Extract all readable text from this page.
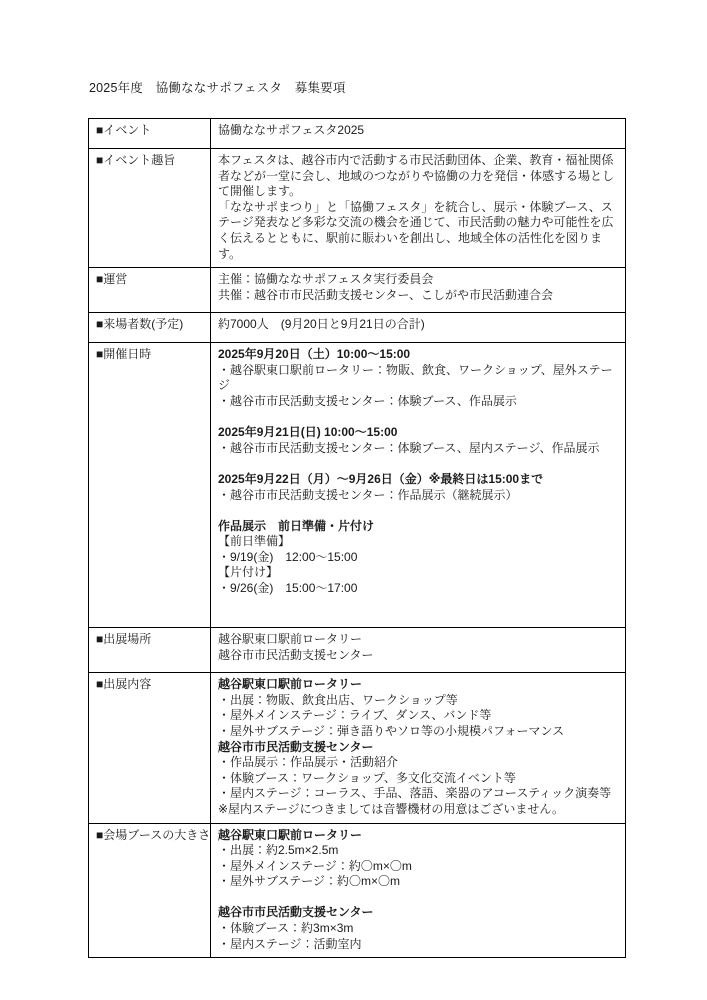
2025年度　協働ななサポフェスタ　募集要項
■イベント	協働ななサポフェスタ2025

■イベント趣旨	本フェスタは、越谷市内で活動する市民活動団体、企業、教育・福祉関係者などが一堂に会し、地域のつながりや協働の力を発信・体感する場として開催します。
「ななサポまつり」と「協働フェスタ」を統合し、展示・体験ブース、ステージ発表など多彩な交流の機会を通じて、市民活動の魅力や可能性を広く伝えるとともに、駅前に賑わいを創出し、地域全体の活性化を図ります。

■運営	主催：協働ななサポフェスタ実行委員会
共催：越谷市市民活動支援センター、こしがや市民活動連合会

■来場者数(予定)	約7000人　(9月20日と9月21日の合計)

■開催日時	2025年9月20日（土）10:00～15:00
・越谷駅東口駅前ロータリー：物販、飲食、ワークショップ、屋外ステージ
・越谷市市民活動支援センター：体験ブース、作品展示
2025年9月21日(日) 10:00～15:00
・越谷市市民活動支援センター：体験ブース、屋内ステージ、作品展示
2025年9月22日（月）～9月26日（金）※最終日は15:00まで
・越谷市市民活動支援センター：作品展示（継続展示）
作品展示　前日準備・片付け
【前日準備】
・9/19(金)　12:00～15:00
【片付け】
・9/26(金)　15:00～17:00

■出展場所	越谷駅東口駅前ロータリー
越谷市市民活動支援センター

■出展内容	越谷駅東口駅前ロータリー
・出展：物販、飲食出店、ワークショップ等
・屋外メインステージ：ライブ、ダンス、バンド等
・屋外サブステージ：弾き語りやソロ等の小規模パフォーマンス
越谷市市民活動支援センター
・作品展示：作品展示・活動紹介
・体験ブース：ワークショップ、多文化交流イベント等
・屋内ステージ：コーラス、手品、落語、楽器のアコースティック演奏等
※屋内ステージにつきましては音響機材の用意はございません。

■会場ブースの大きさ	越谷駅東口駅前ロータリー
・出展：約2.5m×2.5m
・屋外メインステージ：約〇m×〇m
・屋外サブステージ：約〇m×〇m
越谷市市民活動支援センター
・体験ブース：約3m×3m
・屋内ステージ：活動室内
